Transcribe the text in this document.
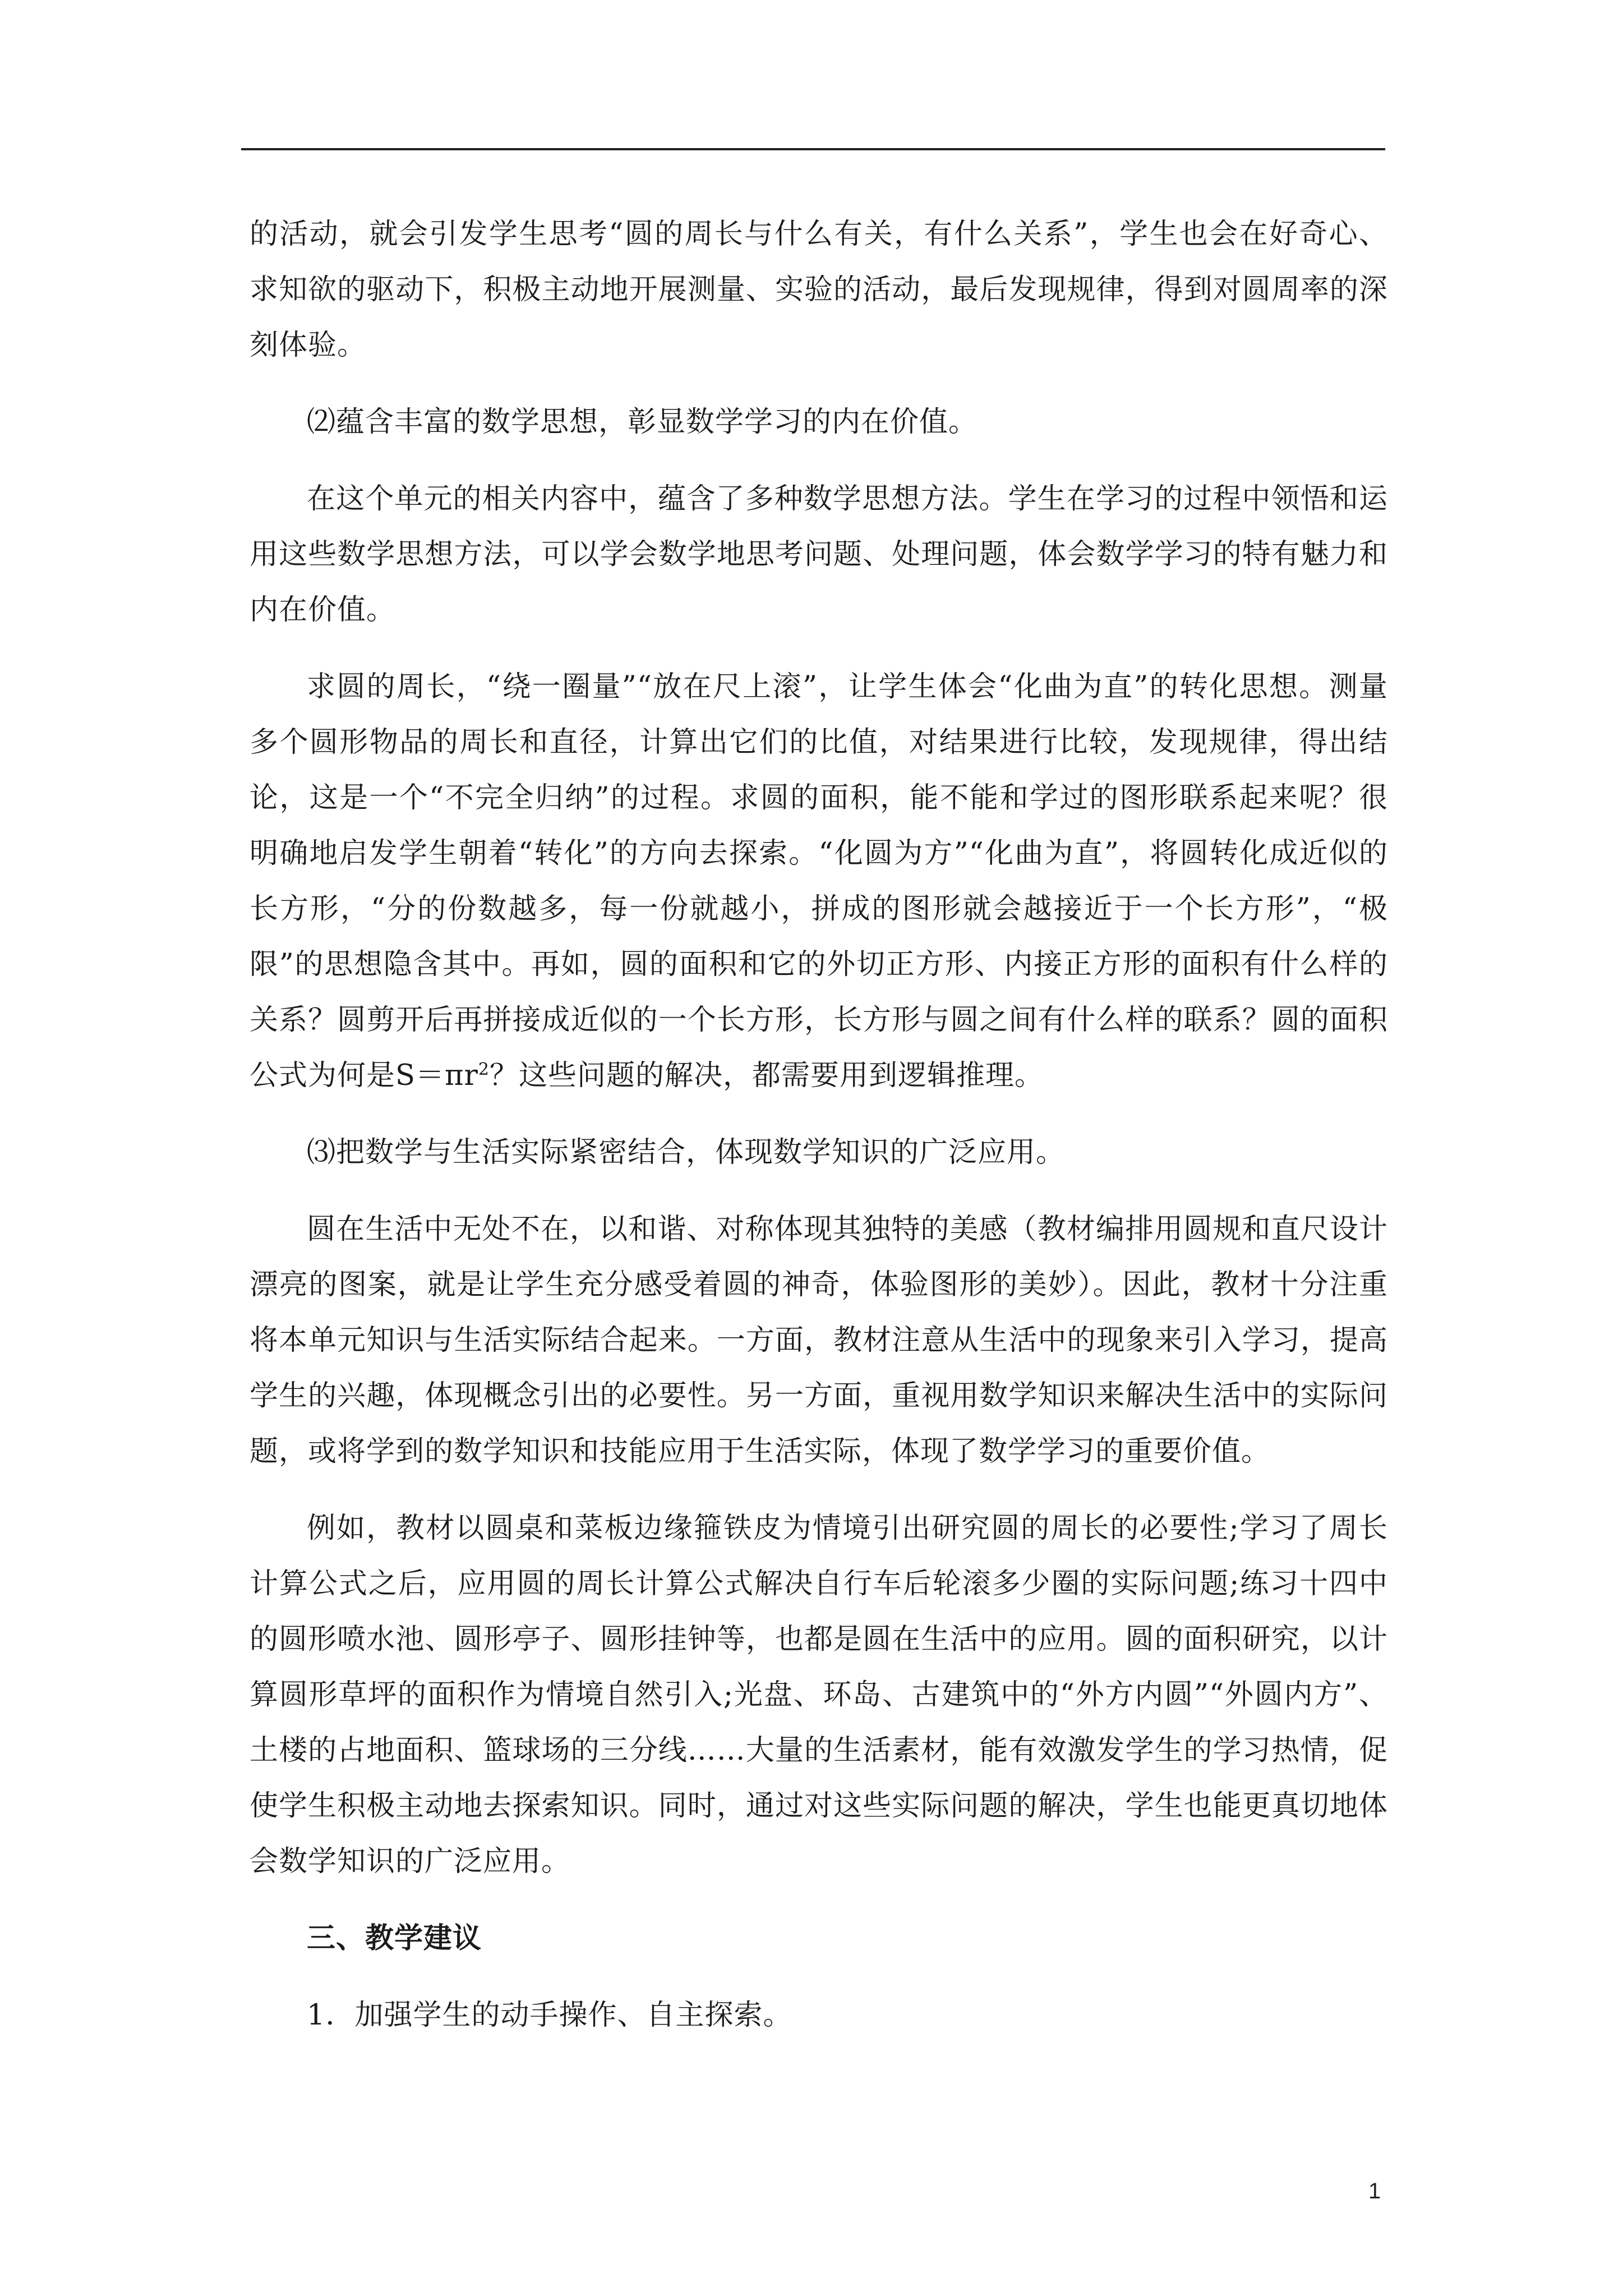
的活动，就会引发学生思考“圆的周长与什么有关，有什么关系”，学生也会在好奇心、求知欲的驱动下，积极主动地开展测量、实验的活动，最后发现规律，得到对圆周率的深刻体验。

⑵蕴含丰富的数学思想，彰显数学学习的内在价值。

在这个单元的相关内容中，蕴含了多种数学思想方法。学生在学习的过程中领悟和运用这些数学思想方法，可以学会数学地思考问题、处理问题，体会数学学习的特有魅力和内在价值。

求圆的周长，“绕一圈量”“放在尺上滚”，让学生体会“化曲为直”的转化思想。测量多个圆形物品的周长和直径，计算出它们的比值，对结果进行比较，发现规律，得出结论，这是一个“不完全归纳”的过程。求圆的面积，能不能和学过的图形联系起来呢？很明确地启发学生朝着“转化”的方向去探索。“化圆为方”“化曲为直”，将圆转化成近似的长方形，“分的份数越多，每一份就越小，拼成的图形就会越接近于一个长方形”，“极限”的思想隐含其中。再如，圆的面积和它的外切正方形、内接正方形的面积有什么样的关系？圆剪开后再拼接成近似的一个长方形，长方形与圆之间有什么样的联系？圆的面积公式为何是$S=\pi r^2$？这些问题的解决，都需要用到逻辑推理。

⑶把数学与生活实际紧密结合，体现数学知识的广泛应用。

圆在生活中无处不在，以和谐、对称体现其独特的美感（教材编排用圆规和直尺设计漂亮的图案，就是让学生充分感受着圆的神奇，体验图形的美妙）。因此，教材十分注重将本单元知识与生活实际结合起来。一方面，教材注意从生活中的现象来引入学习，提高学生的兴趣，体现概念引出的必要性。另一方面，重视用数学知识来解决生活中的实际问题，或将学到的数学知识和技能应用于生活实际，体现了数学学习的重要价值。

例如，教材以圆桌和菜板边缘箍铁皮为情境引出研究圆的周长的必要性;学习了周长计算公式之后，应用圆的周长计算公式解决自行车后轮滚多少圈的实际问题;练习十四中的圆形喷水池、圆形亭子、圆形挂钟等，也都是圆在生活中的应用。圆的面积研究，以计算圆形草坪的面积作为情境自然引入;光盘、环岛、古建筑中的“外方内圆”“外圆内方”、土楼的占地面积、篮球场的三分线……大量的生活素材，能有效激发学生的学习热情，促使学生积极主动地去探索知识。同时，通过对这些实际问题的解决，学生也能更真切地体会数学知识的广泛应用。

三、教学建议

1．加强学生的动手操作、自主探索。

1
